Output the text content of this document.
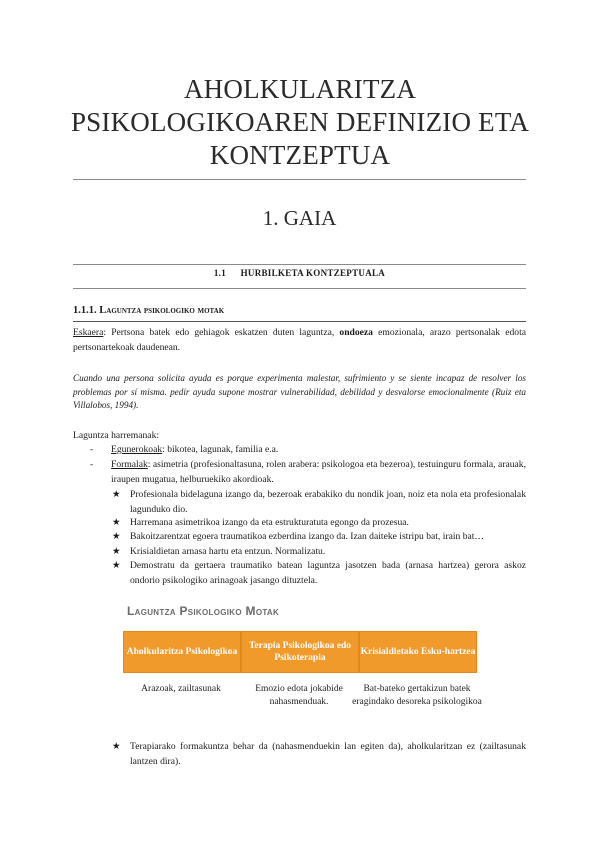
AHOLKULARITZA PSIKOLOGIKOAREN DEFINIZIO ETA KONTZEPTUA
1. GAIA
1.1 HURBILKETA KONTZEPTUALA
1.1.1. Laguntza psikologiko motak
Eskaera: Pertsona batek edo gehiagok eskatzen duten laguntza, ondoeza emozionala, arazo pertsonalak edota pertsonartekoak daudenean.
Cuando una persona solicita ayuda es porque experimenta malestar, sufrimiento y se siente incapaz de resolver los problemas por sí misma. pedir ayuda supone mostrar vulnerabilidad, debilidad y desvalorse emocionalmente (Ruiz eta Villalobos, 1994).
Laguntza harremanak:
- Egunerokoak: bikotea, lagunak, familia e.a.
- Formalak: asimetria (profesionaltasuna, rolen arabera: psikologoa eta bezeroa), testuinguru formala, arauak, iraupen mugatua, helburuekiko akordioak.
★ Profesionala bidelaguna izango da, bezeroak erabakiko du nondik joan, noiz eta nola eta profesionalak lagunduko dio.
★ Harremana asimetrikoa izango da eta estrukturatuta egongo da prozesua.
★ Bakoitzarentzat egoera traumatikoa ezberdina izango da. Izan daiteke istripu bat, irain bat…
★ Krisialdietan arnasa hartu eta entzun. Normalizatu.
★ Demostratu da gertaera traumatiko batean laguntza jasotzen bada (arnasa hartzea) gerora askoz ondorio psikologiko arinagoak jasango dituztela.
Laguntza Psikologiko Motak
Aholkularitza Psikologikoa
Terapia Psikologikoa edo Psikoterapia
Krisialdietako Esku-hartzea
Arazoak, zailtasunak	Emozio edota jokabide nahasmenduak.
Bat-bateko gertakizun batek eragindako desoreka psikologikoa
★ Terapiarako formakuntza behar da (nahasmenduekin lan egiten da), aholkularitzan ez (zailtasunak lantzen dira).
